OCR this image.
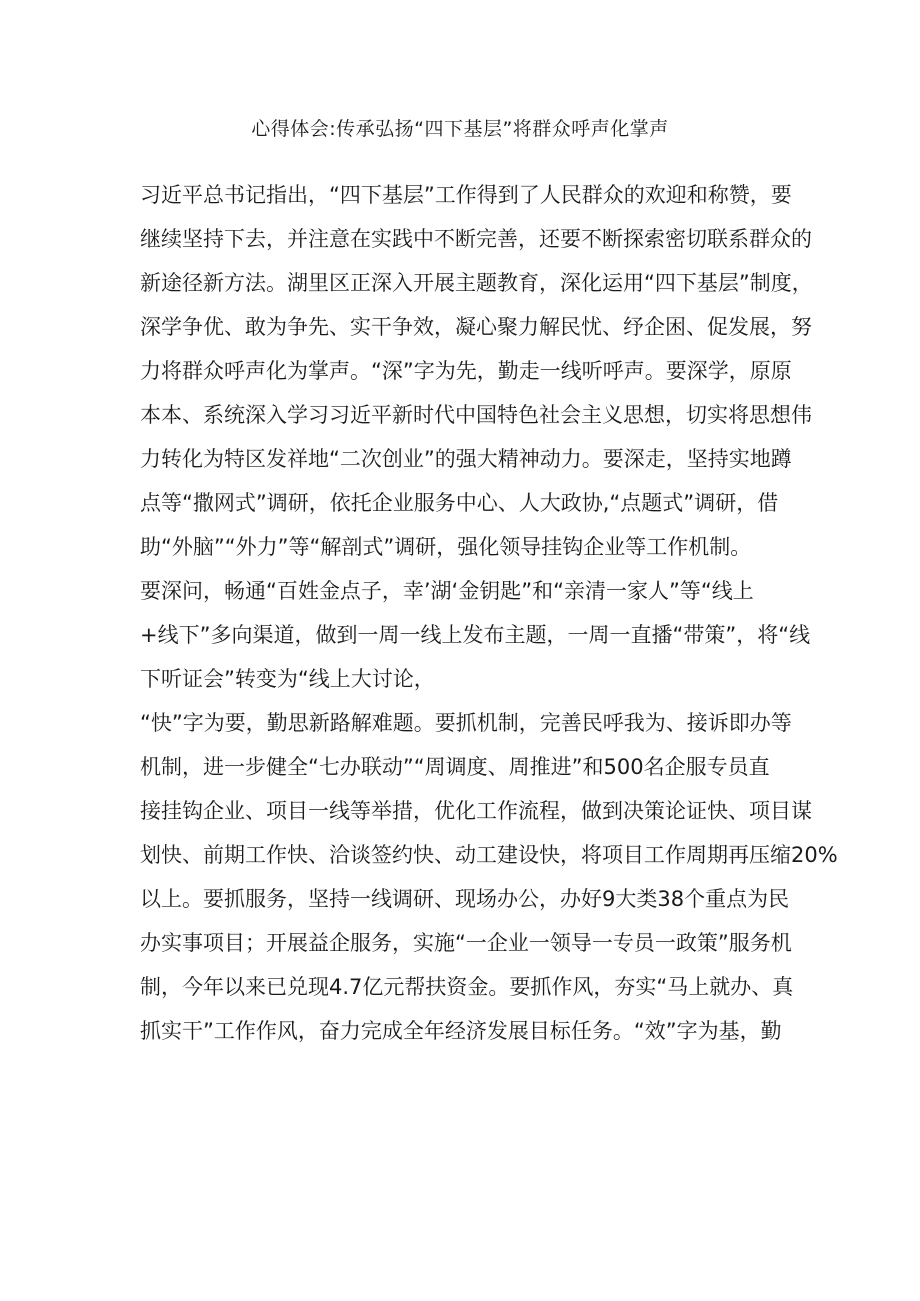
心得体会:传承弘扬“四下基层”将群众呼声化掌声
习近平总书记指出，“四下基层”工作得到了人民群众的欢迎和称赞，要
继续坚持下去，并注意在实践中不断完善，还要不断探索密切联系群众的
新途径新方法。湖里区正深入开展主题教育，深化运用“四下基层”制度，
深学争优、敢为争先、实干争效，凝心聚力解民忧、纾企困、促发展，努
力将群众呼声化为掌声。“深”字为先，勤走一线听呼声。要深学，原原
本本、系统深入学习习近平新时代中国特色社会主义思想，切实将思想伟
力转化为特区发祥地“二次创业”的强大精神动力。要深走，坚持实地蹲
点等“撒网式”调研，依托企业服务中心、人大政协,“点题式”调研，借
助“外脑”“外力”等“解剖式”调研，强化领导挂钩企业等工作机制。
要深问，畅通“百姓金点子，幸’湖‘金钥匙”和“亲清一家人”等“线上
+线下”多向渠道，做到一周一线上发布主题，一周一直播“带策”，将“线
下听证会”转变为“线上大讨论，
“快”字为要，勤思新路解难题。要抓机制，完善民呼我为、接诉即办等
机制，进一步健全“七办联动”“周调度、周推进”和500名企服专员直
接挂钩企业、项目一线等举措，优化工作流程，做到决策论证快、项目谋
划快、前期工作快、洽谈签约快、动工建设快，将项目工作周期再压缩20%
以上。要抓服务，坚持一线调研、现场办公，办好9大类38个重点为民
办实事项目；开展益企服务，实施“一企业一领导一专员一政策”服务机
制，今年以来已兑现4.7亿元帮扶资金。要抓作风，夯实“马上就办、真
抓实干”工作作风，奋力完成全年经济发展目标任务。“效”字为基，勤
